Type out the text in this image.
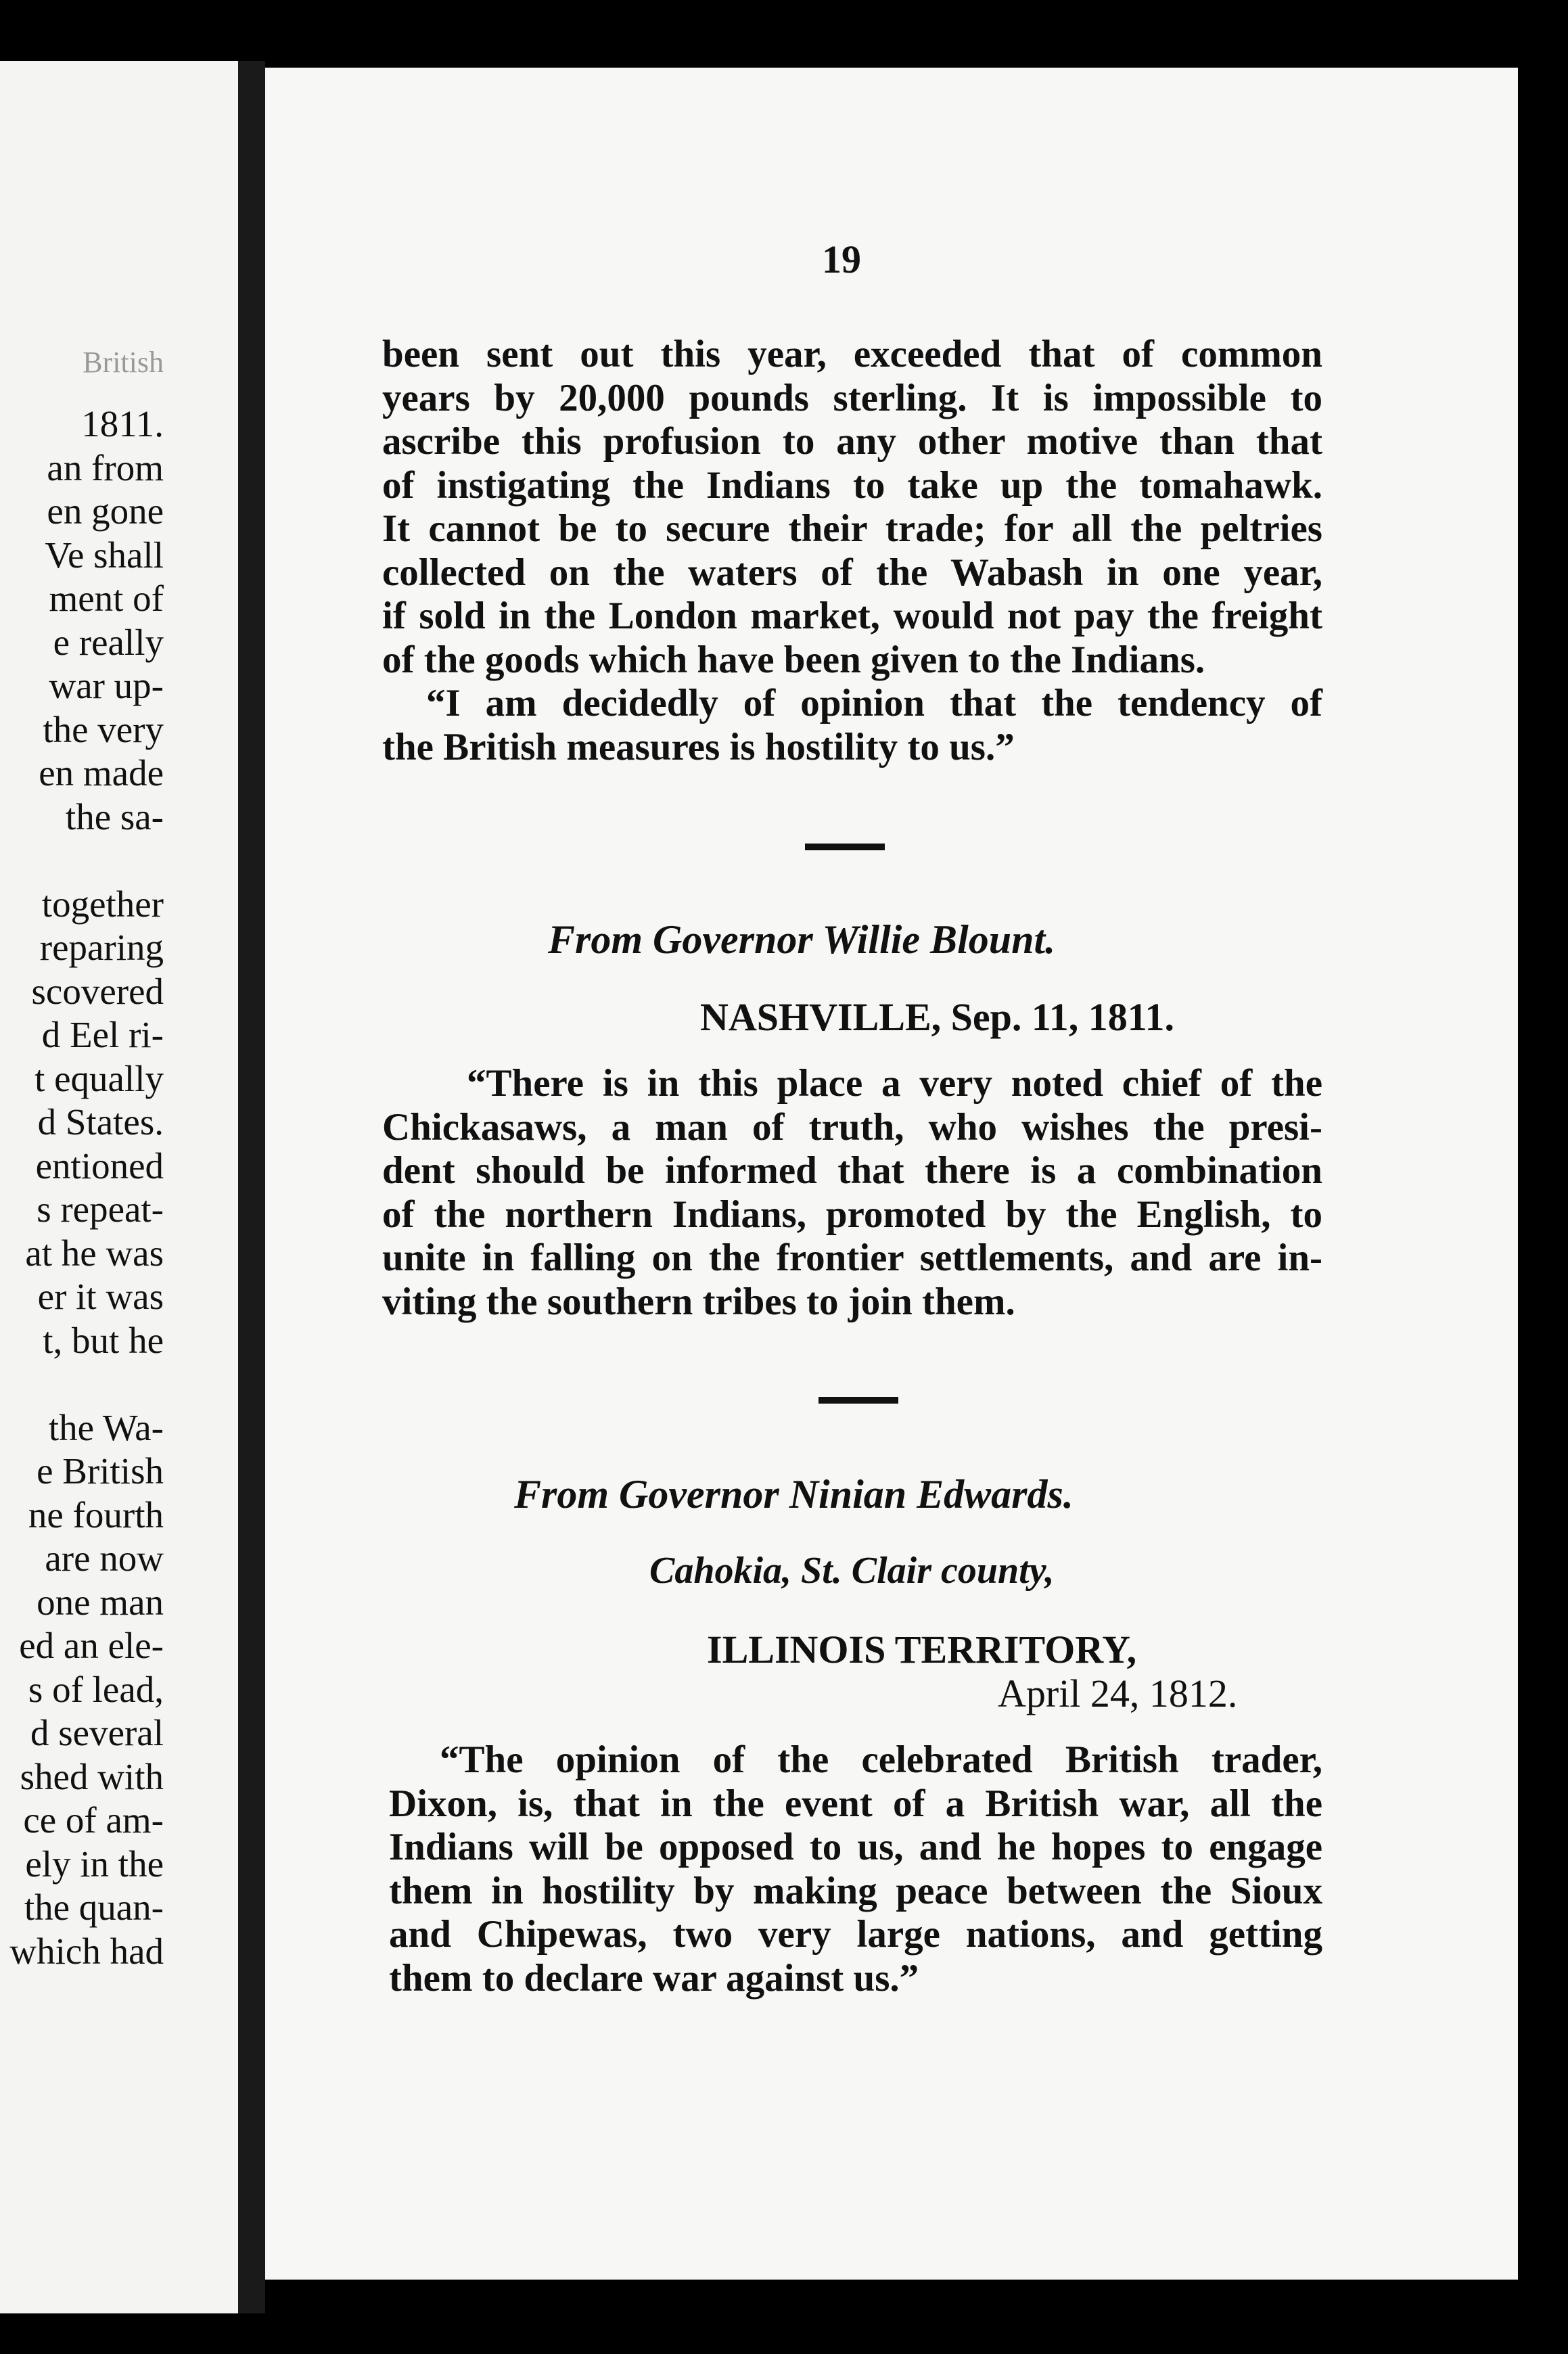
British
1811.
an from
en gone
Ve shall
ment of
e really
war up-
the very
en made
the sa-
together
reparing
scovered
d Eel ri-
t equally
d States.
entioned
s repeat-
at he was
er it was
t, but he
the Wa-
e British
ne fourth
are now
one man
ed an ele-
s of lead,
d several
shed with
ce of am-
ely in the
the quan-
which had
19
been sent out this year, exceeded that of common
years by 20,000 pounds sterling. It is impossible to
ascribe this profusion to any other motive than that
of instigating the Indians to take up the tomahawk.
It cannot be to secure their trade; for all the peltries
collected on the waters of the Wabash in one year,
if sold in the London market, would not pay the freight
of the goods which have been given to the Indians.
“I am decidedly of opinion that the tendency of
the British measures is hostility to us.”
From Governor Willie Blount.
NASHVILLE, Sep. 11, 1811.
“There is in this place a very noted chief of the
Chickasaws, a man of truth, who wishes the presi-
dent should be informed that there is a combination
of the northern Indians, promoted by the English, to
unite in falling on the frontier settlements, and are in-
viting the southern tribes to join them.
From Governor Ninian Edwards.
Cahokia, St. Clair county,
ILLINOIS TERRITORY,
April 24, 1812.
“The opinion of the celebrated British trader,
Dixon, is, that in the event of a British war, all the
Indians will be opposed to us, and he hopes to engage
them in hostility by making peace between the Sioux
and Chipewas, two very large nations, and getting
them to declare war against us.”
